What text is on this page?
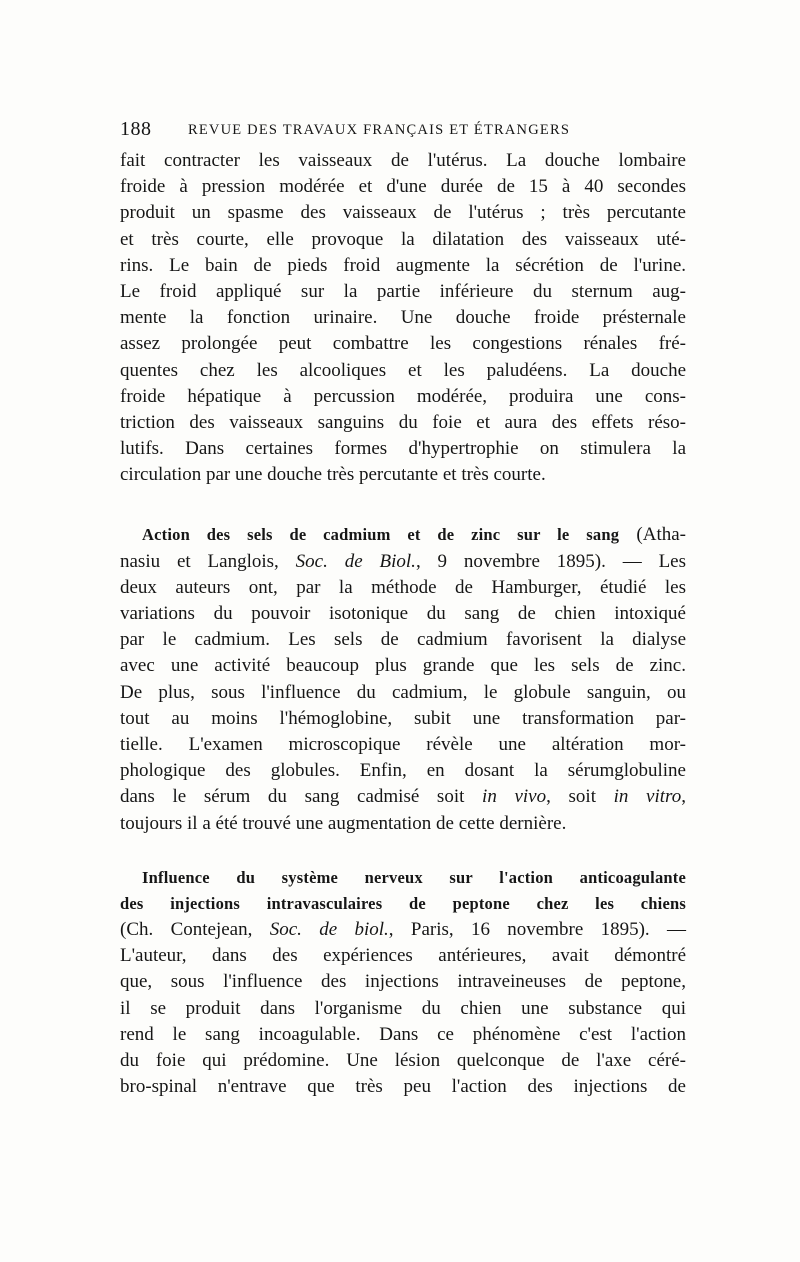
188	REVUE DES TRAVAUX FRANÇAIS ET ÉTRANGERS
fait contracter les vaisseaux de l'utérus. La douche lombaire
froide à pression modérée et d'une durée de 15 à 40 secondes
produit un spasme des vaisseaux de l'utérus ; très percutante
et très courte, elle provoque la dilatation des vaisseaux uté-
rins. Le bain de pieds froid augmente la sécrétion de l'urine.
Le froid appliqué sur la partie inférieure du sternum aug-
mente la fonction urinaire. Une douche froide présternale
assez prolongée peut combattre les congestions rénales fré-
quentes chez les alcooliques et les paludéens. La douche
froide hépatique à percussion modérée, produira une cons-
triction des vaisseaux sanguins du foie et aura des effets réso-
lutifs. Dans certaines formes d'hypertrophie on stimulera la
circulation par une douche très percutante et très courte.
Action des sels de cadmium et de zinc sur le sang (Atha-
nasiu et Langlois, Soc. de Biol., 9 novembre 1895). — Les
deux auteurs ont, par la méthode de Hamburger, étudié les
variations du pouvoir isotonique du sang de chien intoxiqué
par le cadmium. Les sels de cadmium favorisent la dialyse
avec une activité beaucoup plus grande que les sels de zinc.
De plus, sous l'influence du cadmium, le globule sanguin, ou
tout au moins l'hémoglobine, subit une transformation par-
tielle. L'examen microscopique révèle une altération mor-
phologique des globules. Enfin, en dosant la sérumglobuline
dans le sérum du sang cadmisé soit in vivo, soit in vitro,
toujours il a été trouvé une augmentation de cette dernière.
Influence du système nerveux sur l'action anticoagulante
des injections intravasculaires de peptone chez les chiens
(Ch. Contejean, Soc. de biol., Paris, 16 novembre 1895). —
L'auteur, dans des expériences antérieures, avait démontré
que, sous l'influence des injections intraveineuses de peptone,
il se produit dans l'organisme du chien une substance qui
rend le sang incoagulable. Dans ce phénomène c'est l'action
du foie qui prédomine. Une lésion quelconque de l'axe céré-
bro-spinal n'entrave que très peu l'action des injections de
